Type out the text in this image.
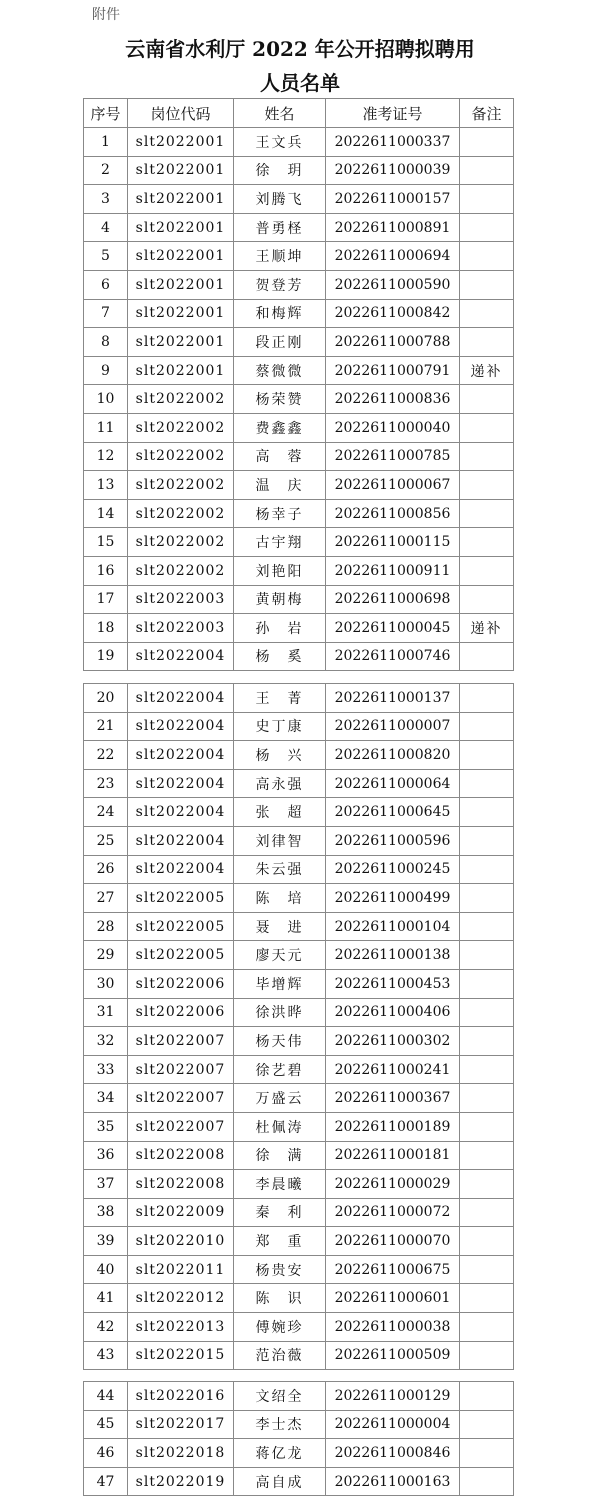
附件
云南省水利厅 2022 年公开招聘拟聘用
人员名单
序号	岗位代码	姓名	准考证号	备注
1	slt2022001	王文兵	2022611000337	
2	slt2022001	徐　玥	2022611000039	
3	slt2022001	刘腾飞	2022611000157	
4	slt2022001	普勇柽	2022611000891	
5	slt2022001	王顺坤	2022611000694	
6	slt2022001	贺登芳	2022611000590	
7	slt2022001	和梅辉	2022611000842	
8	slt2022001	段正刚	2022611000788	
9	slt2022001	蔡微微	2022611000791	递补
10	slt2022002	杨荣赞	2022611000836	
11	slt2022002	费鑫鑫	2022611000040	
12	slt2022002	高　蓉	2022611000785	
13	slt2022002	温　庆	2022611000067	
14	slt2022002	杨幸子	2022611000856	
15	slt2022002	古宇翔	2022611000115	
16	slt2022002	刘艳阳	2022611000911	
17	slt2022003	黄朝梅	2022611000698	
18	slt2022003	孙　岩	2022611000045	递补
19	slt2022004	杨　奚	2022611000746	
20	slt2022004	王　菁	2022611000137	
21	slt2022004	史丁康	2022611000007	
22	slt2022004	杨　兴	2022611000820	
23	slt2022004	高永强	2022611000064	
24	slt2022004	张　超	2022611000645	
25	slt2022004	刘律智	2022611000596	
26	slt2022004	朱云强	2022611000245	
27	slt2022005	陈　培	2022611000499	
28	slt2022005	聂　进	2022611000104	
29	slt2022005	廖天元	2022611000138	
30	slt2022006	毕增辉	2022611000453	
31	slt2022006	徐洪晔	2022611000406	
32	slt2022007	杨天伟	2022611000302	
33	slt2022007	徐艺碧	2022611000241	
34	slt2022007	万盛云	2022611000367	
35	slt2022007	杜佩涛	2022611000189	
36	slt2022008	徐　满	2022611000181	
37	slt2022008	李晨曦	2022611000029	
38	slt2022009	秦　利	2022611000072	
39	slt2022010	郑　重	2022611000070	
40	slt2022011	杨贵安	2022611000675	
41	slt2022012	陈　识	2022611000601	
42	slt2022013	傅婉珍	2022611000038	
43	slt2022015	范治薇	2022611000509	
44	slt2022016	文绍全	2022611000129	
45	slt2022017	李士杰	2022611000004	
46	slt2022018	蒋亿龙	2022611000846	
47	slt2022019	高自成	2022611000163	
